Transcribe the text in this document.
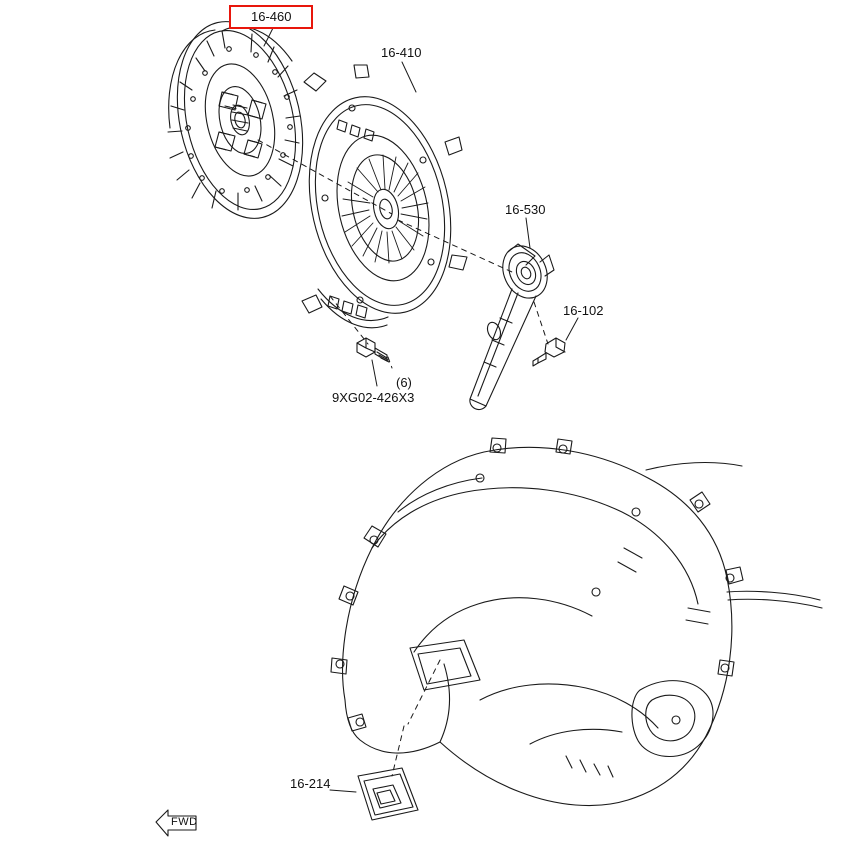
16-460
16-410
16-530
16-102
(6)
9XG02-426X3
16-214
FWD
